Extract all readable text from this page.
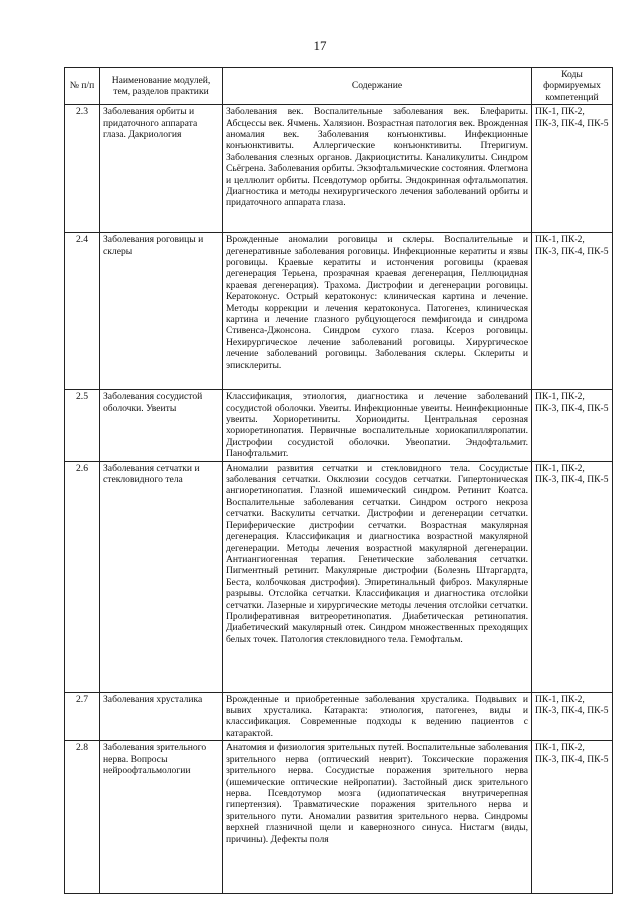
17
№ п/п	Наименование модулей, тем, разделов практики	Содержание	Коды формируемых компетенций
2.3	Заболевания орбиты и придаточного аппарата глаза. Дакриология	Заболевания век. Воспалительные заболевания век. Блефариты. Абсцессы век. Ячмень. Халязион. Возрастная патология век. Врожденная аномалия век. Заболевания конъюнктивы. Инфекционные конъюнктивиты. Аллергические конъюнктивиты. Птеригиум. Заболевания слезных органов. Дакриоциститы. Каналикулиты. Синдром Сьёгрена. Заболевания орбиты. Экзофтальмические состояния. Флегмона и целлюлит орбиты. Псевдотумор орбиты. Эндокринная офтальмопатия. Диагностика и методы нехирургического лечения заболеваний орбиты и придаточного аппарата глаза.	ПК-1, ПК-2, ПК-3, ПК-4, ПК-5
2.4	Заболевания роговицы и склеры	Врожденные аномалии роговицы и склеры. Воспалительные и дегенеративные заболевания роговицы. Инфекционные кератиты и язвы роговицы. Краевые кератиты и истончения роговицы (краевая дегенерация Терьена, прозрачная краевая дегенерация, Пеллюцидная краевая дегенерация). Трахома. Дистрофии и дегенерации роговицы. Кератоконус. Острый кератоконус: клиническая картина и лечение. Методы коррекции и лечения кератоконуса. Патогенез, клиническая картина и лечение глазного рубцующегося пемфигоида и синдрома Стивенса-Джонсона. Синдром сухого глаза. Ксероз роговицы. Нехирургическое лечение заболеваний роговицы. Хирургическое лечение заболеваний роговицы. Заболевания склеры. Склериты и эписклериты.	ПК-1, ПК-2, ПК-3, ПК-4, ПК-5
2.5	Заболевания сосудистой оболочки. Увеиты	Классификация, этиология, диагностика и лечение заболеваний сосудистой оболочки. Увеиты. Инфекционные увеиты. Неинфекционные увеиты. Хориоретиниты. Хориоидиты. Центральная серозная хориоретинопатия. Первичные воспалительные хориокапилляропатии. Дистрофии сосудистой оболочки. Увеопатии. Эндофтальмит. Панофтальмит.	ПК-1, ПК-2, ПК-3, ПК-4, ПК-5
2.6	Заболевания сетчатки и стекловидного тела	Аномалии развития сетчатки и стекловидного тела. Сосудистые заболевания сетчатки. Окклюзии сосудов сетчатки. Гипертоническая ангиоретинопатия. Глазной ишемический синдром. Ретинит Коатса. Воспалительные заболевания сетчатки. Синдром острого некроза сетчатки. Васкулиты сетчатки. Дистрофии и дегенерации сетчатки. Периферические дистрофии сетчатки. Возрастная макулярная дегенерация. Классификация и диагностика возрастной макулярной дегенерации. Методы лечения возрастной макулярной дегенерации. Антиангиогенная терапия. Генетические заболевания сетчатки. Пигментный ретинит. Макулярные дистрофии (Болезнь Штаргардта, Беста, колбочковая дистрофия). Эпиретинальный фиброз. Макулярные разрывы. Отслойка сетчатки. Классификация и диагностика отслойки сетчатки. Лазерные и хирургические методы лечения отслойки сетчатки. Пролиферативная витреоретинопатия. Диабетическая ретинопатия. Диабетический макулярный отек. Синдром множественных преходящих белых точек. Патология стекловидного тела. Гемофтальм.	ПК-1, ПК-2, ПК-3, ПК-4, ПК-5
2.7	Заболевания хрусталика	Врожденные и приобретенные заболевания хрусталика. Подвывих и вывих хрусталика. Катаракта: этиология, патогенез, виды и классификация. Современные подходы к ведению пациентов с катарактой.	ПК-1, ПК-2, ПК-3, ПК-4, ПК-5
2.8	Заболевания зрительного нерва. Вопросы нейроофтальмологии	Анатомия и физиология зрительных путей. Воспалительные заболевания зрительного нерва (оптический неврит). Токсические поражения зрительного нерва. Сосудистые поражения зрительного нерва (ишемические оптические нейропатии). Застойный диск зрительного нерва. Псевдотумор мозга (идиопатическая внутричерепная гипертензия). Травматические поражения зрительного нерва и зрительного пути. Аномалии развития зрительного нерва. Синдромы верхней глазничной щели и кавернозного синуса. Нистагм (виды, причины). Дефекты поля	ПК-1, ПК-2, ПК-3, ПК-4, ПК-5
